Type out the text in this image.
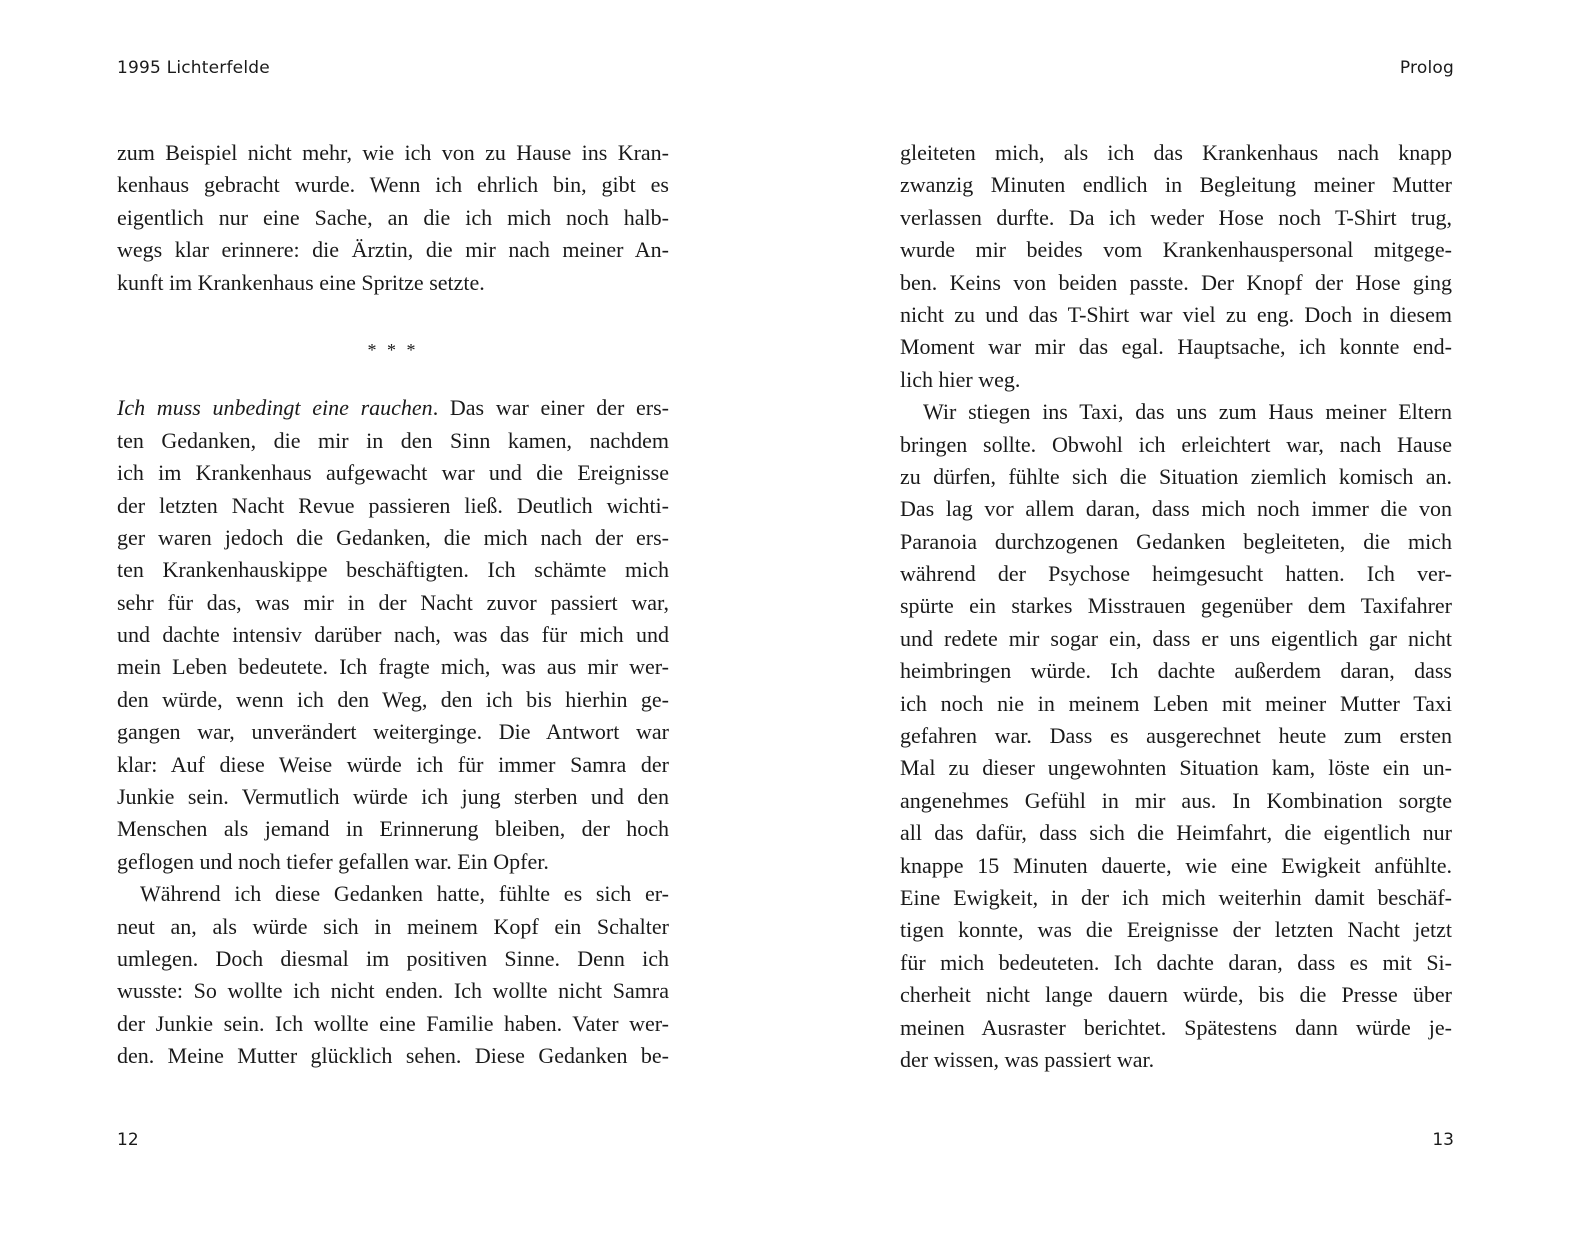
1995 Lichterfelde
zum Beispiel nicht mehr, wie ich von zu Hause ins Kran-
kenhaus gebracht wurde. Wenn ich ehrlich bin, gibt es
eigentlich nur eine Sache, an die ich mich noch halb-
wegs klar erinnere: die Ärztin, die mir nach meiner An-
kunft im Krankenhaus eine Spritze setzte.
* * *
Ich muss unbedingt eine rauchen. Das war einer der ers-
ten Gedanken, die mir in den Sinn kamen, nachdem
ich im Krankenhaus aufgewacht war und die Ereignisse
der letzten Nacht Revue passieren ließ. Deutlich wichti-
ger waren jedoch die Gedanken, die mich nach der ers-
ten Krankenhauskippe beschäftigten. Ich schämte mich
sehr für das, was mir in der Nacht zuvor passiert war,
und dachte intensiv darüber nach, was das für mich und
mein Leben bedeutete. Ich fragte mich, was aus mir wer-
den würde, wenn ich den Weg, den ich bis hierhin ge-
gangen war, unverändert weiterginge. Die Antwort war
klar: Auf diese Weise würde ich für immer Samra der
Junkie sein. Vermutlich würde ich jung sterben und den
Menschen als jemand in Erinnerung bleiben, der hoch
geflogen und noch tiefer gefallen war. Ein Opfer.
Während ich diese Gedanken hatte, fühlte es sich er-
neut an, als würde sich in meinem Kopf ein Schalter
umlegen. Doch diesmal im positiven Sinne. Denn ich
wusste: So wollte ich nicht enden. Ich wollte nicht Samra
der Junkie sein. Ich wollte eine Familie haben. Vater wer-
den. Meine Mutter glücklich sehen. Diese Gedanken be-
12
Prolog
gleiteten mich, als ich das Krankenhaus nach knapp
zwanzig Minuten endlich in Begleitung meiner Mutter
verlassen durfte. Da ich weder Hose noch T-Shirt trug,
wurde mir beides vom Krankenhauspersonal mitgege-
ben. Keins von beiden passte. Der Knopf der Hose ging
nicht zu und das T-Shirt war viel zu eng. Doch in diesem
Moment war mir das egal. Hauptsache, ich konnte end-
lich hier weg.
Wir stiegen ins Taxi, das uns zum Haus meiner Eltern
bringen sollte. Obwohl ich erleichtert war, nach Hause
zu dürfen, fühlte sich die Situation ziemlich komisch an.
Das lag vor allem daran, dass mich noch immer die von
Paranoia durchzogenen Gedanken begleiteten, die mich
während der Psychose heimgesucht hatten. Ich ver-
spürte ein starkes Misstrauen gegenüber dem Taxifahrer
und redete mir sogar ein, dass er uns eigentlich gar nicht
heimbringen würde. Ich dachte außerdem daran, dass
ich noch nie in meinem Leben mit meiner Mutter Taxi
gefahren war. Dass es ausgerechnet heute zum ersten
Mal zu dieser ungewohnten Situation kam, löste ein un-
angenehmes Gefühl in mir aus. In Kombination sorgte
all das dafür, dass sich die Heimfahrt, die eigentlich nur
knappe 15 Minuten dauerte, wie eine Ewigkeit anfühlte.
Eine Ewigkeit, in der ich mich weiterhin damit beschäf-
tigen konnte, was die Ereignisse der letzten Nacht jetzt
für mich bedeuteten. Ich dachte daran, dass es mit Si-
cherheit nicht lange dauern würde, bis die Presse über
meinen Ausraster berichtet. Spätestens dann würde je-
der wissen, was passiert war.
13
